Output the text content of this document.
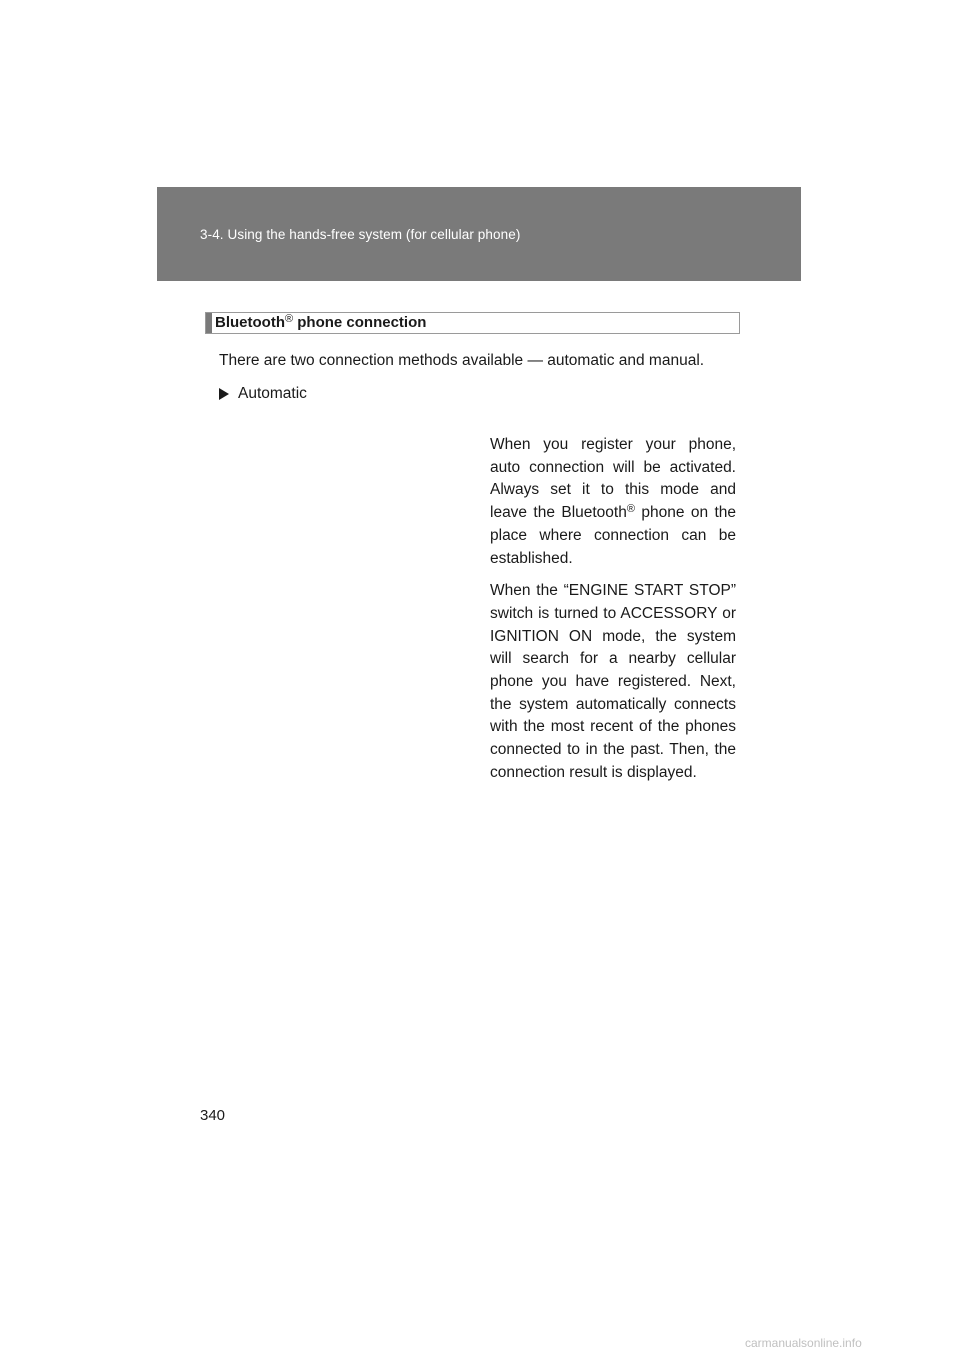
3-4. Using the hands-free system (for cellular phone)
Bluetooth® phone connection
There are two connection methods available — automatic and manual.
Automatic

When you register your phone, auto connection will be activated. Always set it to this mode and leave the Bluetooth® phone on the place where connection can be established.

When the “ENGINE START STOP” switch is turned to ACCESSORY or IGNITION ON mode, the system will search for a nearby cellular phone you have registered. Next, the system automatically connects with the most recent of the phones connected to in the past. Then, the connection result is displayed.

340
carmanualsonline.info
